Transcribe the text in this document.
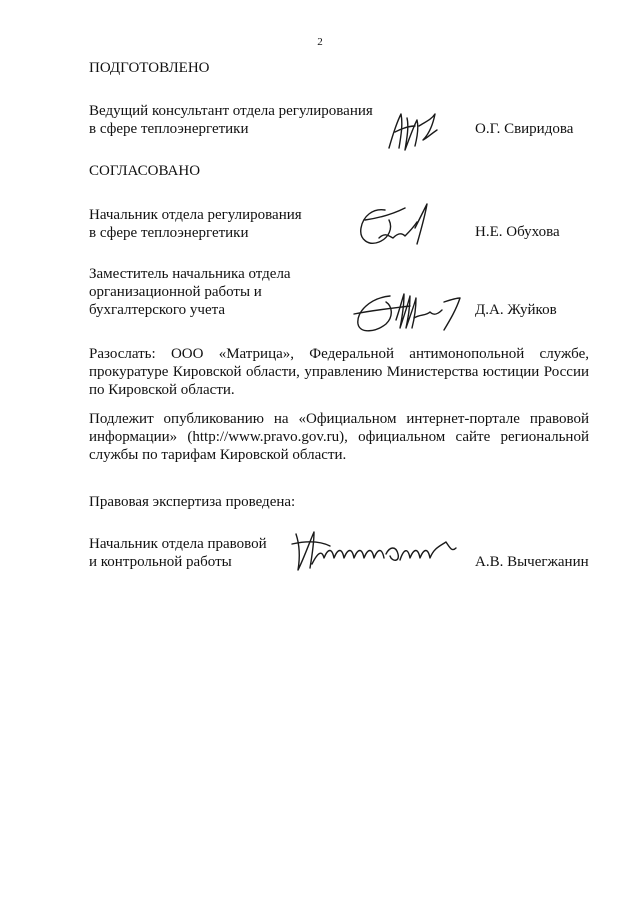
2
ПОДГОТОВЛЕНО
Ведущий консультант отдела регулирования
в сфере теплоэнергетики	О.Г. Свиридова
СОГЛАСОВАНО
Начальник отдела регулирования
в сфере теплоэнергетики	Н.Е. Обухова
Заместитель начальника отдела
организационной работы и
бухгалтерского учета	Д.А. Жуйков
Разослать: ООО «Матрица», Федеральной антимонопольной службе, прокуратуре Кировской области, управлению Министерства юстиции России по Кировской области.
Подлежит опубликованию на «Официальном интернет-портале правовой информации» (http://www.pravo.gov.ru), официальном сайте региональной службы по тарифам Кировской области.
Правовая экспертиза проведена:
Начальник отдела правовой
и контрольной работы	А.В. Вычегжанин
